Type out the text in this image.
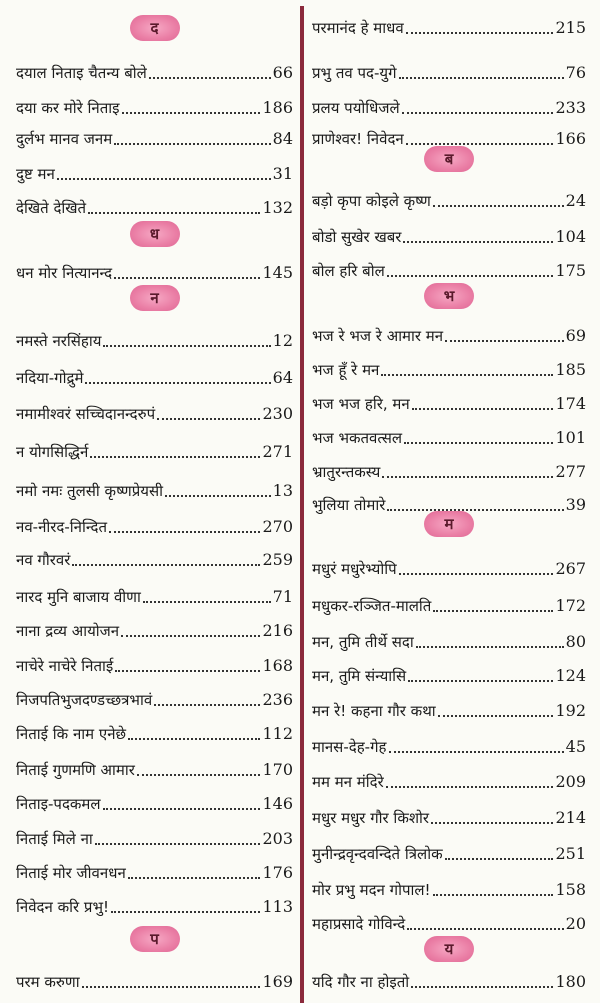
द
दयाल निताइ चैतन्य बोले	66
दया कर मोरे निताइ	186
दुर्लभ मानव जनम	84
दुष्ट मन	31
देखिते देखिते	132
ध
धन मोर नित्यानन्द	145
न
नमस्ते नरसिंहाय	12
नदिया-गोद्रुमे	64
नमामीश्वरं सच्चिदानन्दरुपं	230
न योगसिद्धिर्न	271
नमो नमः तुलसी कृष्णप्रेयसी	13
नव-नीरद-निन्दित	270
नव गौरवरं	259
नारद मुनि बाजाय वीणा	71
नाना द्रव्य आयोजन	216
नाचेरे नाचेरे निताई	168
निजपतिभुजदण्डच्छत्रभावं	236
निताई कि नाम एनेछे	112
निताई गुणमणि आमार	170
निताइ-पदकमल	146
निताई मिले ना	203
निताई मोर जीवनधन	176
निवेदन करि प्रभु!	113
प
परम करुणा	169
परमानंद हे माधव	215
प्रभु तव पद-युगे	76
प्रलय पयोधिजले	233
प्राणेश्वर! निवेदन	166
ब
बड़ो कृपा कोइले कृष्ण	24
बोडो सुखेर खबर	104
बोल हरि बोल	175
भ
भज रे भज रे आमार मन	69
भज हूँ रे मन	185
भज भज हरि, मन	174
भज भकतवत्सल	101
भ्रातुरन्तकस्य	277
भुलिया तोमारे	39
म
मधुरं मधुरेभ्योपि	267
मधुकर-रञ्जित-मालति	172
मन, तुमि तीर्थे सदा	80
मन, तुमि संन्यासि	124
मन रे! कहना गौर कथा	192
मानस-देह-गेह	45
मम मन मंदिरे	209
मधुर मधुर गौर किशोर	214
मुनीन्द्रवृन्दवन्दिते त्रिलोक	251
मोर प्रभु मदन गोपाल!	158
महाप्रसादे गोविन्दे	20
य
यदि गौर ना होइतो	180
